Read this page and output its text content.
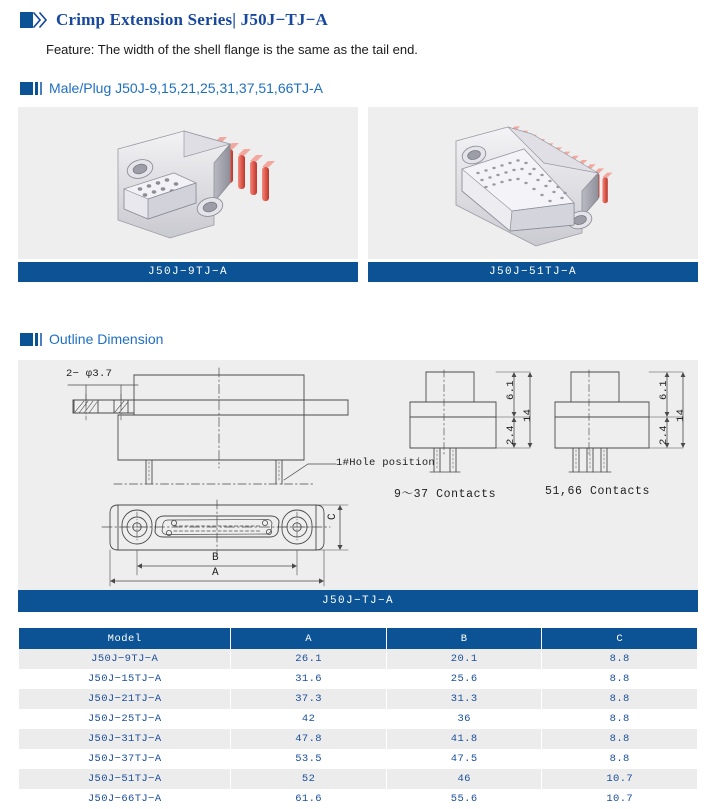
Crimp Extension Series| J50J−TJ−A
Feature: The width of the shell flange is the same as the tail end.
Male/Plug J50J-9,15,21,25,31,37,51,66TJ-A
J50J−9TJ−A	J50J−51TJ−A
Outline Dimension
2− φ3.7
1#Hole position
B
A
C
6.1
2.4
14
6.1
2.4
14
9～37 Contacts	51,66 Contacts
J50J−TJ−A
Model	A	B	C
J50J−9TJ−A	26.1	20.1	8.8
J50J−15TJ−A	31.6	25.6	8.8
J50J−21TJ−A	37.3	31.3	8.8
J50J−25TJ−A	42	36	8.8
J50J−31TJ−A	47.8	41.8	8.8
J50J−37TJ−A	53.5	47.5	8.8
J50J−51TJ−A	52	46	10.7
J50J−66TJ−A	61.6	55.6	10.7
